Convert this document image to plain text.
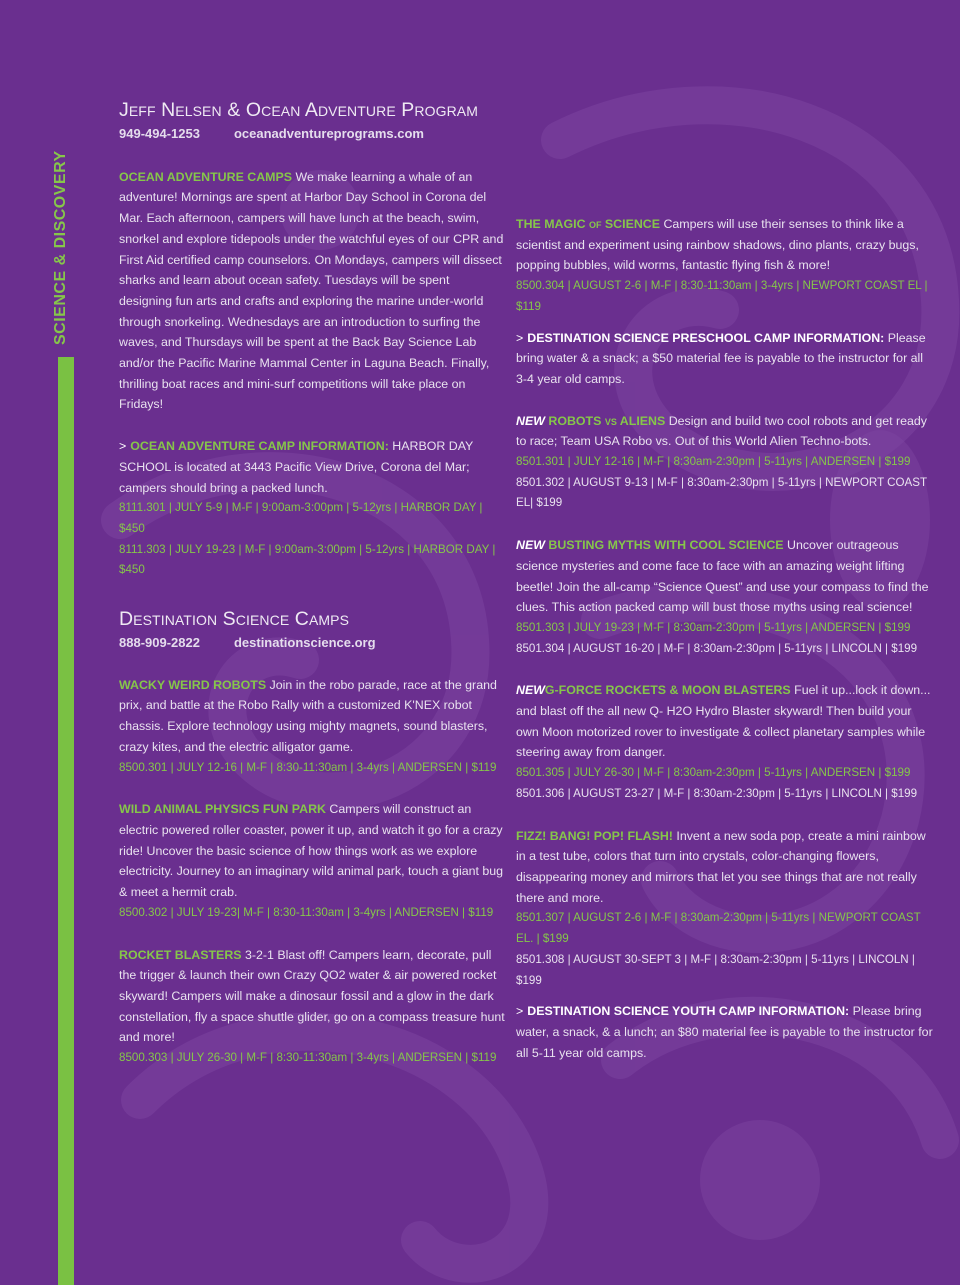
SCIENCE & DISCOVERY
Jeff Nelsen & Ocean Adventure Program
949-494-1253	oceanadventureprograms.com
OCEAN ADVENTURE CAMPS We make learning a whale of an adventure! Mornings are spent at Harbor Day School in Corona del Mar. Each afternoon, campers will have lunch at the beach, swim, snorkel and explore tidepools under the watchful eyes of our CPR and First Aid certified camp counselors. On Mondays, campers will dissect sharks and learn about ocean safety. Tuesdays will be spent designing fun arts and crafts and exploring the marine under-world through snorkeling. Wednesdays are an introduction to surfing the waves, and Thursdays will be spent at the Back Bay Science Lab and/or the Pacific Marine Mammal Center in Laguna Beach. Finally, thrilling boat races and mini-surf competitions will take place on Fridays!
> OCEAN ADVENTURE CAMP INFORMATION: HARBOR DAY SCHOOL is located at 3443 Pacific View Drive, Corona del Mar; campers should bring a packed lunch.
8111.301 | JULY 5-9 | M-F | 9:00am-3:00pm | 5-12yrs | HARBOR DAY | $450
8111.303 | JULY 19-23 | M-F | 9:00am-3:00pm | 5-12yrs | HARBOR DAY | $450
Destination Science Camps
888-909-2822	destinationscience.org
WACKY WEIRD ROBOTS Join in the robo parade, race at the grand prix, and battle at the Robo Rally with a customized K'NEX robot chassis. Explore technology using mighty magnets, sound blasters, crazy kites, and the electric alligator game.
8500.301 | JULY 12-16 | M-F | 8:30-11:30am | 3-4yrs | ANDERSEN | $119
WILD ANIMAL PHYSICS FUN PARK Campers will construct an electric powered roller coaster, power it up, and watch it go for a crazy ride! Uncover the basic science of how things work as we explore electricity. Journey to an imaginary wild animal park, touch a giant bug & meet a hermit crab.
8500.302 | JULY 19-23| M-F | 8:30-11:30am | 3-4yrs | ANDERSEN | $119
ROCKET BLASTERS 3-2-1 Blast off! Campers learn, decorate, pull the trigger & launch their own Crazy QO2 water & air powered rocket skyward! Campers will make a dinosaur fossil and a glow in the dark constellation, fly a space shuttle glider, go on a compass treasure hunt and more!
8500.303 | JULY 26-30 | M-F | 8:30-11:30am | 3-4yrs | ANDERSEN | $119
THE MAGIC of SCIENCE Campers will use their senses to think like a scientist and experiment using rainbow shadows, dino plants, crazy bugs, popping bubbles, wild worms, fantastic flying fish & more!
8500.304 | AUGUST 2-6 | M-F | 8:30-11:30am | 3-4yrs | NEWPORT COAST EL | $119
> DESTINATION SCIENCE PRESCHOOL CAMP INFORMATION: Please bring water & a snack; a $50 material fee is payable to the instructor for all 3-4 year old camps.
NEW ROBOTS vs ALIENS Design and build two cool robots and get ready to race; Team USA Robo vs. Out of this World Alien Techno-bots.
8501.301 | JULY 12-16 | M-F | 8:30am-2:30pm | 5-11yrs | ANDERSEN | $199
8501.302 | AUGUST 9-13 | M-F | 8:30am-2:30pm | 5-11yrs | NEWPORT COAST EL| $199
NEW BUSTING MYTHS WITH COOL SCIENCE Uncover outrageous science mysteries and come face to face with an amazing weight lifting beetle! Join the all-camp “Science Quest” and use your compass to find the clues. This action packed camp will bust those myths using real science!
8501.303 | JULY 19-23 | M-F | 8:30am-2:30pm | 5-11yrs | ANDERSEN | $199
8501.304 | AUGUST 16-20 | M-F | 8:30am-2:30pm | 5-11yrs | LINCOLN | $199
NEWG-FORCE ROCKETS & MOON BLASTERS Fuel it up...lock it down... and blast off the all new Q- H2O Hydro Blaster skyward! Then build your own Moon motorized rover to investigate & collect planetary samples while steering away from danger.
8501.305 | JULY 26-30 | M-F | 8:30am-2:30pm | 5-11yrs | ANDERSEN | $199
8501.306 | AUGUST 23-27 | M-F | 8:30am-2:30pm | 5-11yrs | LINCOLN | $199
FIZZ! BANG! POP! FLASH! Invent a new soda pop, create a mini rainbow in a test tube, colors that turn into crystals, color-changing flowers, disappearing money and mirrors that let you see things that are not really there and more.
8501.307 | AUGUST 2-6 | M-F | 8:30am-2:30pm | 5-11yrs | NEWPORT COAST EL. | $199
8501.308 | AUGUST 30-SEPT 3 | M-F | 8:30am-2:30pm | 5-11yrs | LINCOLN | $199
> DESTINATION SCIENCE YOUTH CAMP INFORMATION: Please bring water, a snack, & a lunch; an $80 material fee is payable to the instructor for all 5-11 year old camps.
